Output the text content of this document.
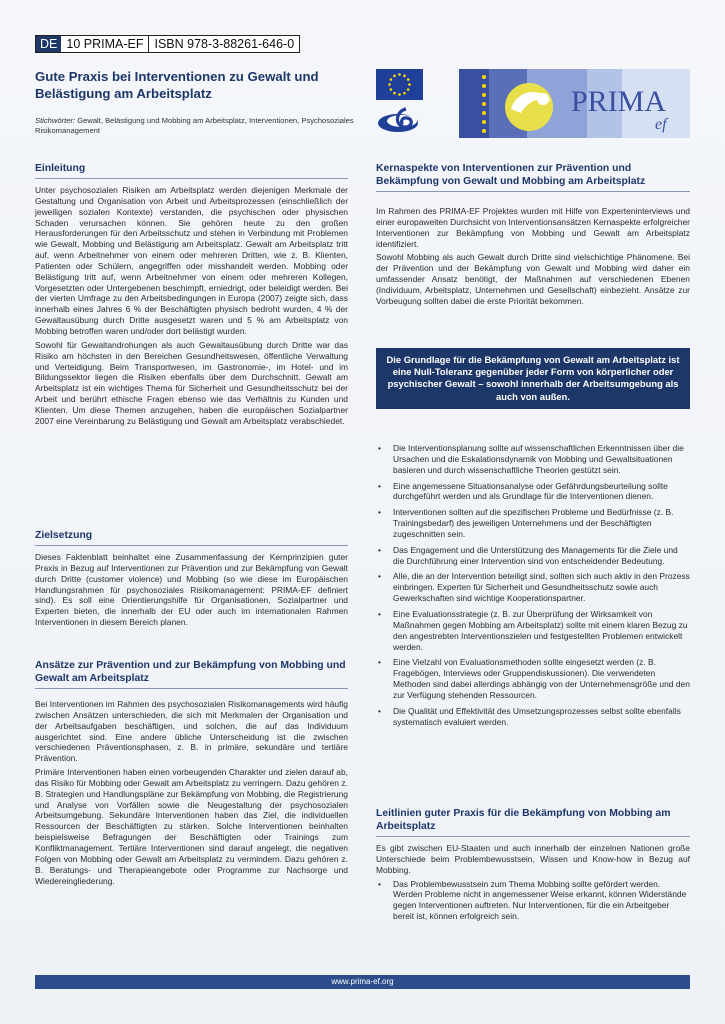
DE 10 PRIMA-EF ISBN 978-3-88261-646-0
Gute Praxis bei Interventionen zu Gewalt und Belästigung am Arbeitsplatz
Stichwörter: Gewalt, Belästigung und Mobbing am Arbeitsplatz, Interventionen, Psychosoziales Risikomanagement
PRIMA
ef
Einleitung

Unter psychosozialen Risiken am Arbeitsplatz werden diejenigen Merkmale der Gestaltung und Organisation von Arbeit und Arbeitsprozessen (einschließlich der jeweiligen sozialen Kontexte) verstanden, die psychischen oder physischen Schaden verursachen können. Sie gehören heute zu den großen Herausforderungen für den Arbeitsschutz und stehen in Verbindung mit Problemen wie Gewalt, Mobbing und Belästigung am Arbeitsplatz. Gewalt am Arbeitsplatz tritt auf, wenn Arbeitnehmer von einem oder mehreren Dritten, wie z. B. Klienten, Patienten oder Schülern, angegriffen oder misshandelt werden. Mobbing oder Belästigung tritt auf, wenn Arbeitnehmer von einem oder mehreren Kollegen, Vorgesetzten oder Untergebenen beschimpft, erniedrigt, oder beleidigt werden. Bei der vierten Umfrage zu den Arbeitsbedingungen in Europa (2007) zeigte sich, dass innerhalb eines Jahres 6 % der Beschäftigten physisch bedroht wurden, 4 % der Gewaltausübung durch Dritte ausgesetzt waren und 5 % am Arbeitsplatz von Mobbing betroffen waren und/oder dort belästigt wurden.

Sowohl für Gewaltandrohungen als auch Gewaltausübung durch Dritte war das Risiko am höchsten in den Bereichen Gesundheitswesen, öffentliche Verwaltung und Verteidigung. Beim Transportwesen, im Gastronomie-, im Hotel- und im Bildungssektor liegen die Risiken ebenfalls über dem Durchschnitt. Gewalt am Arbeitsplatz ist ein wichtiges Thema für Sicherheit und Gesundheitsschutz bei der Arbeit und berührt ethische Fragen ebenso wie das Verhältnis zu Kunden und Klienten. Um diese Themen anzugehen, haben die europäischen Sozialpartner 2007 eine Vereinbarung zu Belästigung und Gewalt am Arbeitsplatz verabschiedet.

Zielsetzung

Dieses Faktenblatt beinhaltet eine Zusammenfassung der Kernprinzipien guter Praxis in Bezug auf Interventionen zur Prävention und zur Bekämpfung von Gewalt durch Dritte (customer violence) und Mobbing (so wie diese im Europäischen Handlungsrahmen für psychosoziales Risikomanagement: PRIMA-EF definiert sind). Es soll eine Orientierungshilfe für Organisationen, Sozialpartner und Experten bieten, die innerhalb der EU oder auch im internationalen Rahmen Interventionen in diesem Bereich planen.

Ansätze zur Prävention und zur Bekämpfung von Mobbing und Gewalt am Arbeitsplatz

Bei Interventionen im Rahmen des psychosozialen Risikomanagements wird häufig zwischen Ansätzen unterschieden, die sich mit Merkmalen der Organisation und der Arbeitsaufgaben beschäftigen, und solchen, die auf das Individuum ausgerichtet sind. Eine andere übliche Unterscheidung ist die zwischen verschiedenen Präventionsphasen, z. B. in primäre, sekundäre und tertiäre Prävention.

Primäre Interventionen haben einen vorbeugenden Charakter und zielen darauf ab, das Risiko für Mobbing oder Gewalt am Arbeitsplatz zu verringern. Dazu gehören z. B. Strategien und Handlungspläne zur Bekämpfung von Mobbing, die Registrierung und Analyse von Vorfällen sowie die Neugestaltung der psychosozialen Arbeitsumgebung. Sekundäre Interventionen haben das Ziel, die individuellen Ressourcen der Beschäftigten zu stärken. Solche Interventionen beinhalten beispielsweise Befragungen der Beschäftigten oder Trainings zum Konfliktmanagement. Tertiäre Interventionen sind darauf angelegt, die negativen Folgen von Mobbing oder Gewalt am Arbeitsplatz zu vermindern. Dazu gehören z. B. Beratungs- und Therapieangebote oder Programme zur Nachsorge und Wiedereingliederung.

Kernaspekte von Interventionen zur Prävention und Bekämpfung von Gewalt und Mobbing am Arbeitsplatz

Im Rahmen des PRIMA-EF Projektes wurden mit Hilfe von Experteninterviews und einer europaweiten Durchsicht von Interventionsansätzen Kernaspekte erfolgreicher Interventionen zur Bekämpfung von Mobbing und Gewalt am Arbeitsplatz identifiziert.

Sowohl Mobbing als auch Gewalt durch Dritte sind vielschichtige Phänomene. Bei der Prävention und der Bekämpfung von Gewalt und Mobbing wird daher ein umfassender Ansatz benötigt, der Maßnahmen auf verschiedenen Ebenen (Individuum, Arbeitsplatz, Unternehmen und Gesellschaft) einbezieht. Ansätze zur Vorbeugung sollten dabei die erste Priorität bekommen.

Die Grundlage für die Bekämpfung von Gewalt am Arbeitsplatz ist eine Null-Toleranz gegenüber jeder Form von körperlicher oder psychischer Gewalt – sowohl innerhalb der Arbeitsumgebung als auch von außen.
• Die Interventionsplanung sollte auf wissenschaftlichen Erkenntnissen über die Ursachen und die Eskalationsdynamik von Mobbing und Gewaltsituationen basieren und durch wissenschaftliche Theorien gestützt sein.
• Eine angemessene Situationsanalyse oder Gefährdungsbeurteilung sollte durchgeführt werden und als Grundlage für die Interventionen dienen.
• Interventionen sollten auf die spezifischen Probleme und Bedürfnisse (z. B. Trainingsbedarf) des jeweiligen Unternehmens und der Beschäftigten zugeschnitten sein.
• Das Engagement und die Unterstützung des Managements für die Ziele und die Durchführung einer Intervention sind von entscheidender Bedeutung.
• Alle, die an der Intervention beteiligt sind, sollten sich auch aktiv in den Prozess einbringen. Experten für Sicherheit und Gesundheitsschutz sowie auch Gewerkschaften sind wichtige Kooperationspartner.
• Eine Evaluationsstrategie (z. B. zur Überprüfung der Wirksamkeit von Maßnahmen gegen Mobbing am Arbeitsplatz) sollte mit einem klaren Bezug zu den angestrebten Interventionszielen und festgestellten Problemen entwickelt werden.
• Eine Vielzahl von Evaluationsmethoden sollte eingesetzt werden (z. B. Fragebögen, Interviews oder Gruppendiskussionen). Die verwendeten Methoden sind dabei allerdings abhängig von der Unternehmensgröße und den zur Verfügung stehenden Ressourcen.
• Die Qualität und Effektivität des Umsetzungsprozesses selbst sollte ebenfalls systematisch evaluiert werden.
Leitlinien guter Praxis für die Bekämpfung von Mobbing am Arbeitsplatz

Es gibt zwischen EU-Staaten und auch innerhalb der einzelnen Nationen große Unterschiede beim Problembewusstsein, Wissen und Know-how in Bezug auf Mobbing.

• Das Problembewusstsein zum Thema Mobbing sollte gefördert werden. Werden Probleme nicht in angemessener Weise erkannt, können Widerstände gegen Interventionen auftreten. Nur Interventionen, für die ein Arbeitgeber bereit ist, können erfolgreich sein.
www.prima-ef.org
